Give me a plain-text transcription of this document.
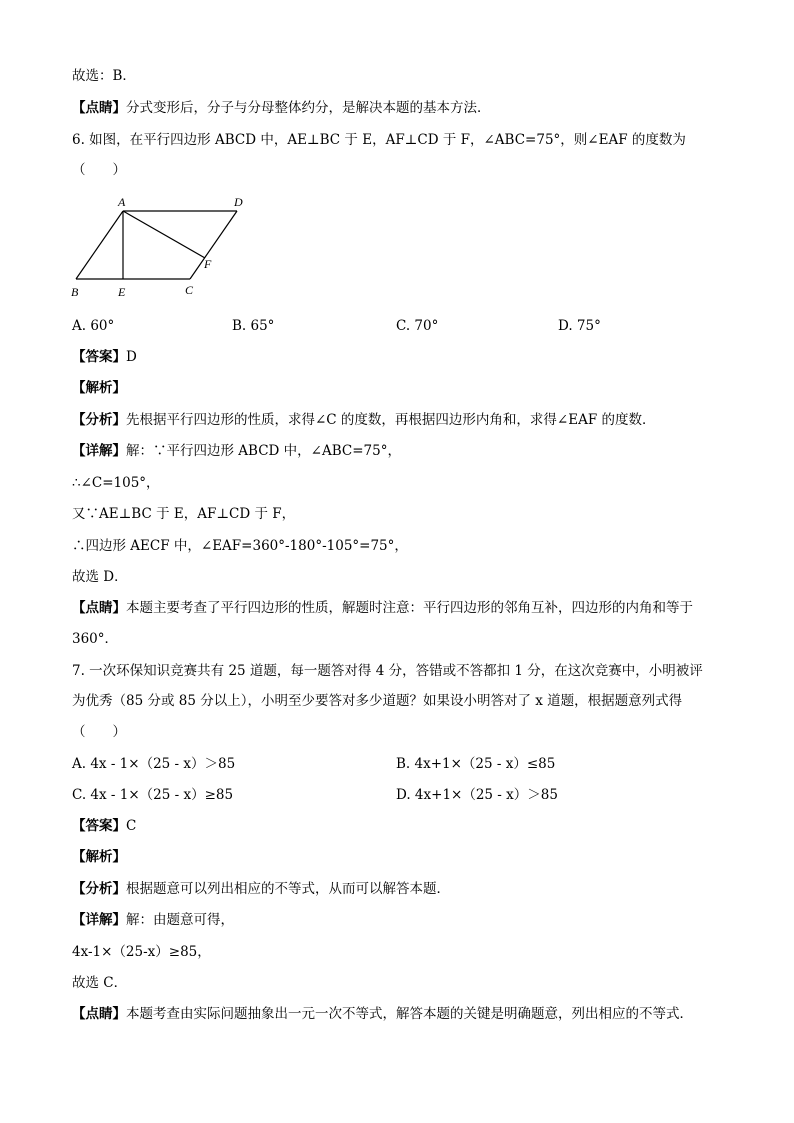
故选：B．
【点睛】分式变形后，分子与分母整体约分，是解决本题的基本方法．
6. 如图，在平行四边形 ABCD 中，AE⊥BC 于 E，AF⊥CD 于 F，∠ABC=75°，则∠EAF 的度数为
（　　）
A	D
B	E	C
F
A. 60°	B. 65°	C. 70°	D. 75°
【答案】D
【解析】
【分析】先根据平行四边形的性质，求得∠C 的度数，再根据四边形内角和，求得∠EAF 的度数．
【详解】解：∵平行四边形 ABCD 中，∠ABC=75°，
∴∠C=105°，
又∵AE⊥BC 于 E，AF⊥CD 于 F，
∴四边形 AECF 中，∠EAF=360°-180°-105°=75°，
故选 D．
【点睛】本题主要考查了平行四边形的性质，解题时注意：平行四边形的邻角互补，四边形的内角和等于
360°．
7. 一次环保知识竞赛共有 25 道题，每一题答对得 4 分，答错或不答都扣 1 分，在这次竞赛中，小明被评
为优秀（85 分或 85 分以上），小明至少要答对多少道题？如果设小明答对了 x 道题，根据题意列式得
（　　）
A. 4x - 1×（25 - x）＞85	B. 4x+1×（25 - x）≤85
C. 4x - 1×（25 - x）≥85	D. 4x+1×（25 - x）＞85
【答案】C
【解析】
【分析】根据题意可以列出相应的不等式，从而可以解答本题．
【详解】解：由题意可得，
4x-1×（25-x）≥85，
故选 C．
【点睛】本题考查由实际问题抽象出一元一次不等式，解答本题的关键是明确题意，列出相应的不等式．
